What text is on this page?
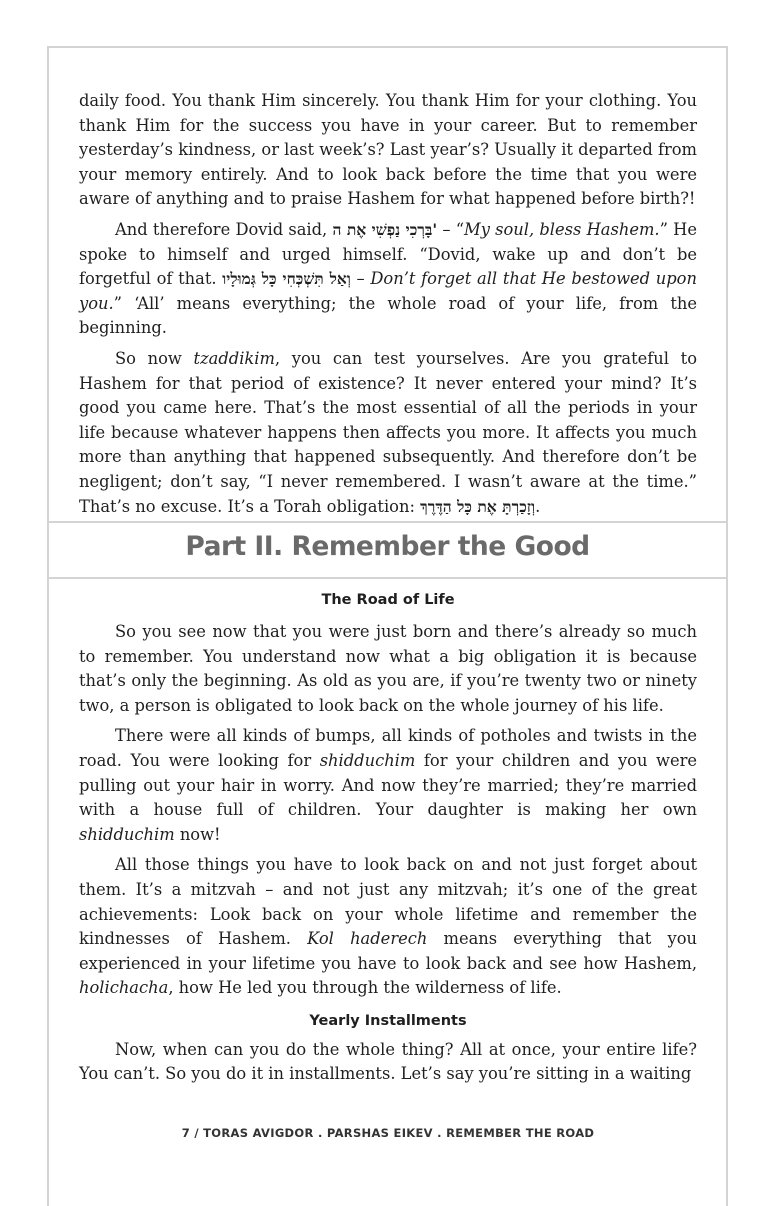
daily food. You thank Him sincerely. You thank Him for your clothing. You thank Him for the success you have in your career. But to remember yesterday’s kindness, or last week’s? Last year’s? Usually it departed from your memory entirely. And to look back before the time that you were aware of anything and to praise Hashem for what happened before birth?!

And therefore Dovid said, 'בָּרְכִי נַפְשִׁי אֶת ה – “My soul, bless Hashem.” He spoke to himself and urged himself. “Dovid, wake up and don’t be forgetful of that. וְאַל תִּשְׁכְּחִי כָּל גְּמוּלָיו – Don’t forget all that He bestowed upon you.” ‘All’ means everything; the whole road of your life, from the beginning.

So now tzaddikim, you can test yourselves. Are you grateful to Hashem for that period of existence? It never entered your mind? It’s good you came here. That’s the most essential of all the periods in your life because whatever happens then affects you more. It affects you much more than anything that happened subsequently. And therefore don’t be negligent; don’t say, “I never remembered. I wasn’t aware at the time.” That’s no excuse. It’s a Torah obligation: וְזָכַרְתָּ אֶת כָּל הַדֶּרֶךְ.

Part II. Remember the Good
The Road of Life

So you see now that you were just born and there’s already so much to remember. You understand now what a big obligation it is because that’s only the beginning. As old as you are, if you’re twenty two or ninety two, a person is obligated to look back on the whole journey of his life.

There were all kinds of bumps, all kinds of potholes and twists in the road. You were looking for shidduchim for your children and you were pulling out your hair in worry. And now they’re married; they’re married with a house full of children. Your daughter is making her own shidduchim now!

All those things you have to look back on and not just forget about them. It’s a mitzvah – and not just any mitzvah; it’s one of the great achievements: Look back on your whole lifetime and remember the kindnesses of Hashem. Kol haderech means everything that you experienced in your lifetime you have to look back and see how Hashem, holichacha, how He led you through the wilderness of life.

Yearly Installments

Now, when can you do the whole thing? All at once, your entire life? You can’t. So you do it in installments. Let’s say you’re sitting in a waiting

7 / TORAS AVIGDOR . PARSHAS EIKEV . REMEMBER THE ROAD
